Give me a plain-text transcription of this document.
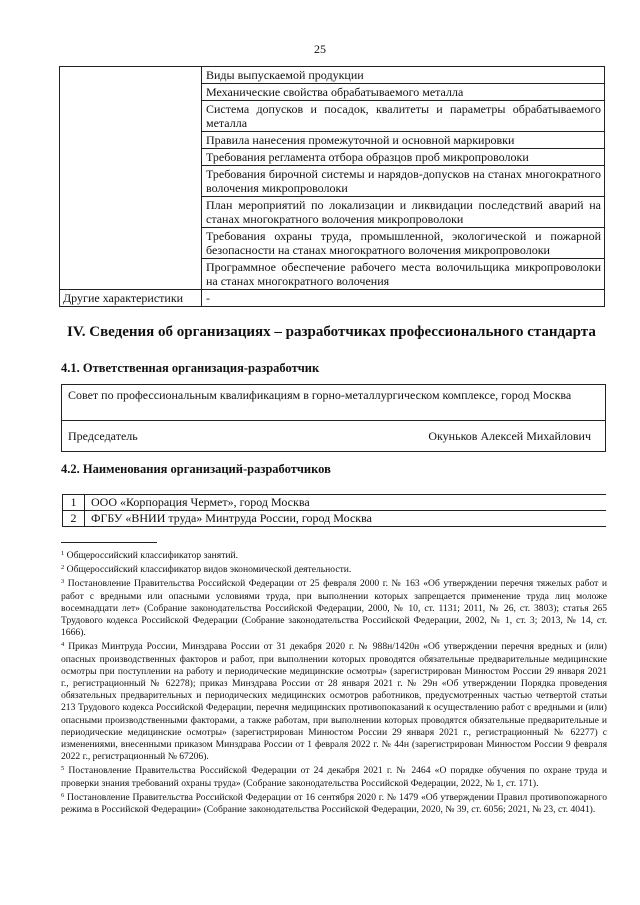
25
	Виды выпускаемой продукции
	Механические свойства обрабатываемого металла
	Система допусков и посадок, квалитеты и параметры обрабатываемого металла
	Правила нанесения промежуточной и основной маркировки
	Требования регламента отбора образцов проб микропроволоки
	Требования бирочной системы и нарядов-допусков на станах многократного волочения микропроволоки
	План мероприятий по локализации и ликвидации последствий аварий на станах многократного волочения микропроволоки
	Требования охраны труда, промышленной, экологической и пожарной безопасности на станах многократного волочения микропроволоки
	Программное обеспечение рабочего места волочильщика микропроволоки на станах многократного волочения
Другие характеристики	-
IV. Сведения об организациях – разработчиках профессионального стандарта
4.1. Ответственная организация-разработчик
Совет по профессиональным квалификациям в горно-металлургическом комплексе, город Москва
Председатель	Окуньков Алексей Михайлович
4.2. Наименования организаций-разработчиков
1	ООО «Корпорация Чермет», город Москва
2	ФГБУ «ВНИИ труда» Минтруда России, город Москва

$^1$ Общероссийский классификатор занятий.

$^2$ Общероссийский классификатор видов экономической деятельности.

$^3$ Постановление Правительства Российской Федерации от 25 февраля 2000 г. № 163 «Об утверждении перечня тяжелых работ и работ с вредными или опасными условиями труда, при выполнении которых запрещается применение труда лиц моложе восемнадцати лет» (Собрание законодательства Российской Федерации, 2000, № 10, ст. 1131; 2011, № 26, ст. 3803); статья 265 Трудового кодекса Российской Федерации (Собрание законодательства Российской Федерации, 2002, № 1, ст. 3; 2013, № 14, ст. 1666).

$^4$ Приказ Минтруда России, Минздрава России от 31 декабря 2020 г. № 988н/1420н «Об утверждении перечня вредных и (или) опасных производственных факторов и работ, при выполнении которых проводятся обязательные предварительные медицинские осмотры при поступлении на работу и периодические медицинские осмотры» (зарегистрирован Минюстом России 29 января 2021 г., регистрационный № 62278); приказ Минздрава России от 28 января 2021 г. № 29н «Об утверждении Порядка проведения обязательных предварительных и периодических медицинских осмотров работников, предусмотренных частью четвертой статьи 213 Трудового кодекса Российской Федерации, перечня медицинских противопоказаний к осуществлению работ с вредными и (или) опасными производственными факторами, а также работам, при выполнении которых проводятся обязательные предварительные и периодические медицинские осмотры» (зарегистрирован Минюстом России 29 января 2021 г., регистрационный № 62277) с изменениями, внесенными приказом Минздрава России от 1 февраля 2022 г. № 44н (зарегистрирован Минюстом России 9 февраля 2022 г., регистрационный № 67206).

$^5$ Постановление Правительства Российской Федерации от 24 декабря 2021 г. № 2464 «О порядке обучения по охране труда и проверки знания требований охраны труда» (Собрание законодательства Российской Федерации, 2022, № 1, ст. 171).

$^6$ Постановление Правительства Российской Федерации от 16 сентября 2020 г. № 1479 «Об утверждении Правил противопожарного режима в Российской Федерации» (Собрание законодательства Российской Федерации, 2020, № 39, ст. 6056; 2021, № 23, ст. 4041).
